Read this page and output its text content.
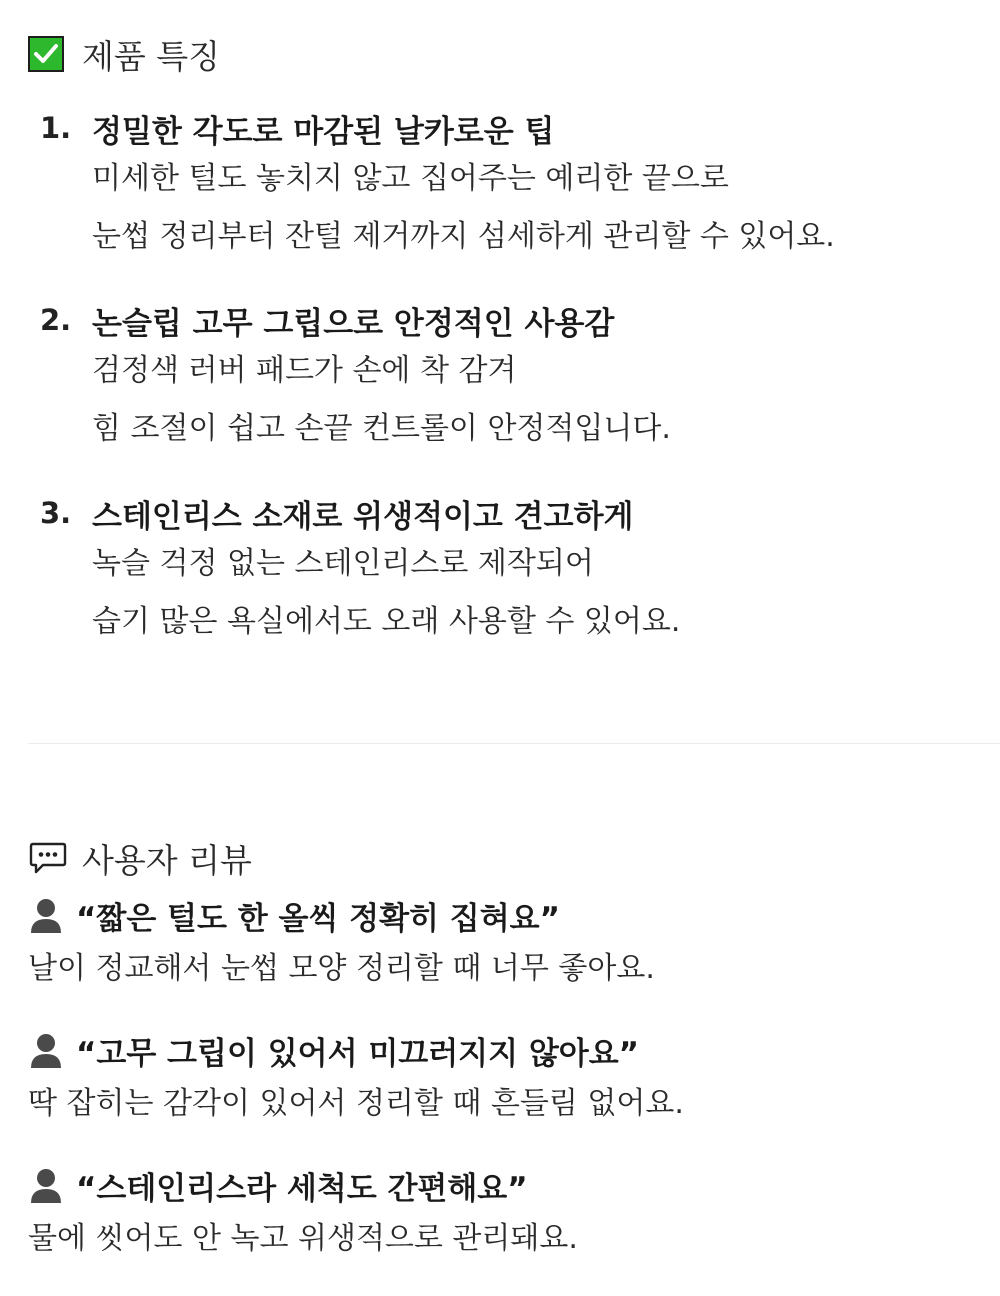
제품 특징
1. 정밀한 각도로 마감된 날카로운 팁
미세한 털도 놓치지 않고 집어주는 예리한 끝으로
눈썹 정리부터 잔털 제거까지 섬세하게 관리할 수 있어요.
2. 논슬립 고무 그립으로 안정적인 사용감
검정색 러버 패드가 손에 착 감겨
힘 조절이 쉽고 손끝 컨트롤이 안정적입니다.
3. 스테인리스 소재로 위생적이고 견고하게
녹슬 걱정 없는 스테인리스로 제작되어
습기 많은 욕실에서도 오래 사용할 수 있어요.
사용자 리뷰
“짧은 털도 한 올씩 정확히 집혀요”
날이 정교해서 눈썹 모양 정리할 때 너무 좋아요.
“고무 그립이 있어서 미끄러지지 않아요”
딱 잡히는 감각이 있어서 정리할 때 흔들림 없어요.
“스테인리스라 세척도 간편해요”
물에 씻어도 안 녹고 위생적으로 관리돼요.
